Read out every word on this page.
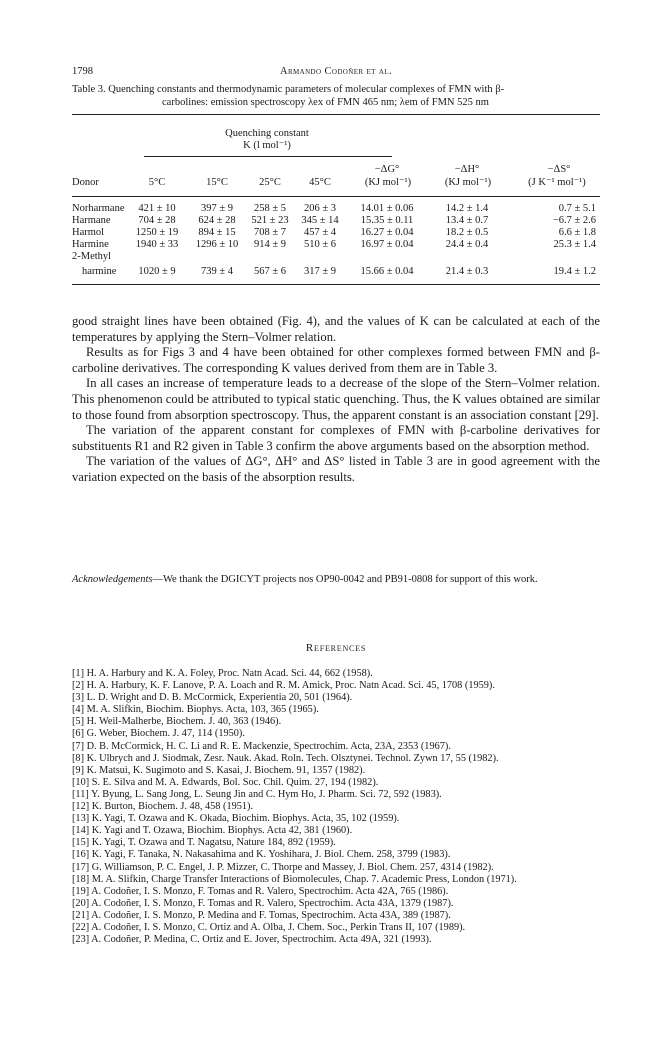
1798	Armando Codoñer et al.
Table 3. Quenching constants and thermodynamic parameters of molecular complexes of FMN with β-
carbolines: emission spectroscopy λex of FMN 465 nm; λem of FMN 525 nm
Quenching constant
K (l mol⁻¹)
−ΔG°	−ΔH°	−ΔS°
Donor	5°C	15°C	25°C	45°C	(KJ mol⁻¹)	(KJ mol⁻¹)	(J K⁻¹ mol⁻¹)
Norharmane	421 ± 10	397 ± 9	258 ± 5	206 ± 3	14.01 ± 0.06	14.2 ± 1.4	0.7 ± 5.1
Harmane	704 ± 28	624 ± 28	521 ± 23	345 ± 14	15.35 ± 0.11	13.4 ± 0.7	−6.7 ± 2.6
Harmol	1250 ± 19	894 ± 15	708 ± 7	457 ± 4	16.27 ± 0.04	18.2 ± 0.5	6.6 ± 1.8
Harmine	1940 ± 33	1296 ± 10	914 ± 9	510 ± 6	16.97 ± 0.04	24.4 ± 0.4	25.3 ± 1.4
2-Methyl
harmine	1020 ± 9	739 ± 4	567 ± 6	317 ± 9	15.66 ± 0.04	21.4 ± 0.3	19.4 ± 1.2

good straight lines have been obtained (Fig. 4), and the values of K can be calculated at each of the temperatures by applying the Stern–Volmer relation.

Results as for Figs 3 and 4 have been obtained for other complexes formed between FMN and β-carboline derivatives. The corresponding K values derived from them are in Table 3.

In all cases an increase of temperature leads to a decrease of the slope of the Stern–Volmer relation. This phenomenon could be attributed to typical static quenching. Thus, the K values obtained are similar to those found from absorption spectroscopy. Thus, the apparent constant is an association constant [29].

The variation of the apparent constant for complexes of FMN with β-carboline derivatives for substituents R1 and R2 given in Table 3 confirm the above arguments based on the absorption method.

The variation of the values of ΔG°, ΔH° and ΔS° listed in Table 3 are in good agreement with the variation expected on the basis of the absorption results.

Acknowledgements—We thank the DGICYT projects nos OP90-0042 and PB91-0808 for support of this work.
References
[1] H. A. Harbury and K. A. Foley, Proc. Natn Acad. Sci. 44, 662 (1958).
[2] H. A. Harbury, K. F. Lanove, P. A. Loach and R. M. Amick, Proc. Natn Acad. Sci. 45, 1708 (1959).
[3] L. D. Wright and D. B. McCormick, Experientia 20, 501 (1964).
[4] M. A. Slifkin, Biochim. Biophys. Acta, 103, 365 (1965).
[5] H. Weil-Malherbe, Biochem. J. 40, 363 (1946).
[6] G. Weber, Biochem. J. 47, 114 (1950).
[7] D. B. McCormick, H. C. Li and R. E. Mackenzie, Spectrochim. Acta, 23A, 2353 (1967).
[8] K. Ulbrych and J. Siodmak, Zesr. Nauk. Akad. Roln. Tech. Olsztynei. Technol. Zywn 17, 55 (1982).
[9] K. Matsui, K. Sugimoto and S. Kasai, J. Biochem. 91, 1357 (1982).
[10] S. E. Silva and M. A. Edwards, Bol. Soc. Chil. Quim. 27, 194 (1982).
[11] Y. Byung, L. Sang Jong, L. Seung Jin and C. Hym Ho, J. Pharm. Sci. 72, 592 (1983).
[12] K. Burton, Biochem. J. 48, 458 (1951).
[13] K. Yagi, T. Ozawa and K. Okada, Biochim. Biophys. Acta, 35, 102 (1959).
[14] K. Yagi and T. Ozawa, Biochim. Biophys. Acta 42, 381 (1960).
[15] K. Yagi, T. Ozawa and T. Nagatsu, Nature 184, 892 (1959).
[16] K. Yagi, F. Tanaka, N. Nakasahima and K. Yoshihara, J. Biol. Chem. 258, 3799 (1983).
[17] G. Williamson, P. C. Engel, J. P. Mizzer, C. Thorpe and Massey, J. Biol. Chem. 257, 4314 (1982).
[18] M. A. Slifkin, Charge Transfer Interactions of Biomolecules, Chap. 7. Academic Press, London (1971).
[19] A. Codoñer, I. S. Monzo, F. Tomas and R. Valero, Spectrochim. Acta 42A, 765 (1986).
[20] A. Codoñer, I. S. Monzo, F. Tomas and R. Valero, Spectrochim. Acta 43A, 1379 (1987).
[21] A. Codoñer, I. S. Monzo, P. Medina and F. Tomas, Spectrochim. Acta 43A, 389 (1987).
[22] A. Codoñer, I. S. Monzo, C. Ortiz and A. Olba, J. Chem. Soc., Perkin Trans II, 107 (1989).
[23] A. Codoñer, P. Medina, C. Ortiz and E. Jover, Spectrochim. Acta 49A, 321 (1993).
